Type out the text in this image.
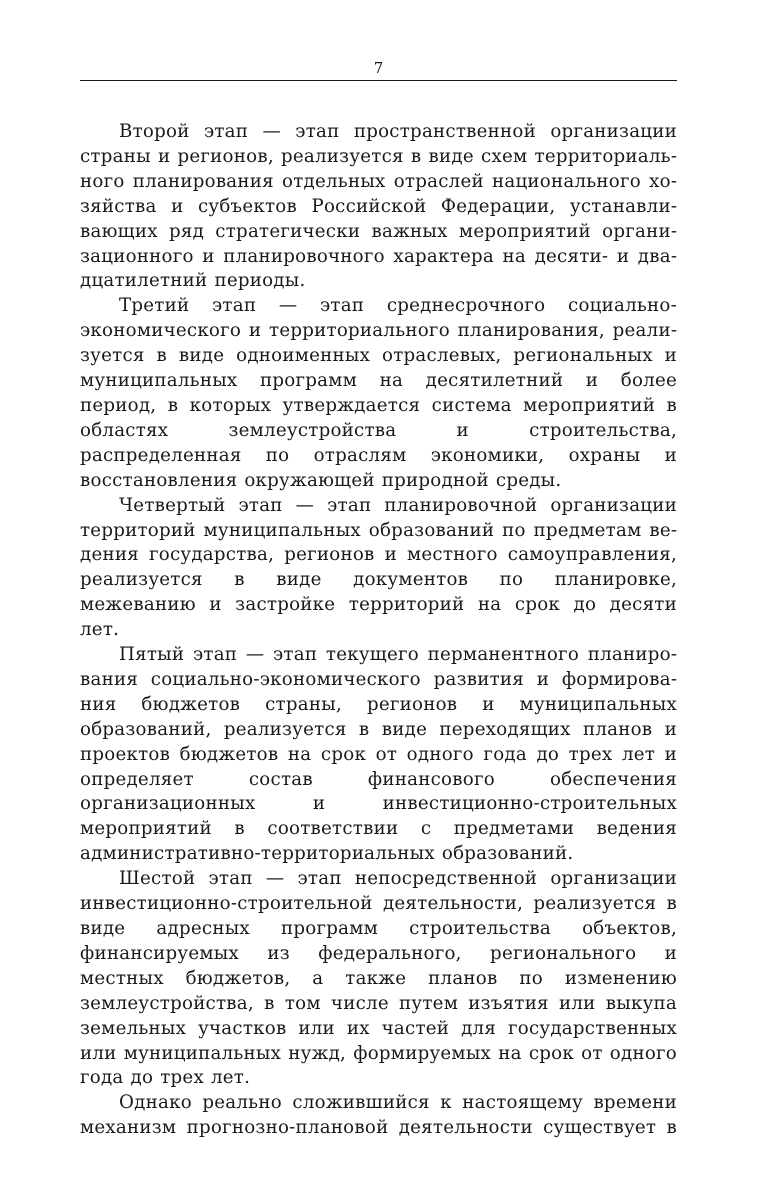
7

Второй этап — этап пространственной организации страны и регионов, реализуется в виде схем территориального планирования отдельных отраслей национального хозяйства и субъектов Российской Федерации, устанавливающих ряд стратегически важных мероприятий организационного и планировочного характера на десяти- и двадцатилетний периоды.

Третий этап — этап среднесрочного социально-экономического и территориального планирования, реализуется в виде одноименных отраслевых, региональных и муниципальных программ на десятилетний и более период, в которых утверждается система мероприятий в областях землеустройства и строительства, распределенная по отраслям экономики, охраны и восстановления окружающей природной среды.

Четвертый этап — этап планировочной организации территорий муниципальных образований по предметам ведения государства, регионов и местного самоуправления, реализуется в виде документов по планировке, межеванию и застройке территорий на срок до десяти лет.

Пятый этап — этап текущего перманентного планирования социально-экономического развития и формирования бюджетов страны, регионов и муниципальных образований, реализуется в виде переходящих планов и проектов бюджетов на срок от одного года до трех лет и определяет состав финансового обеспечения организационных и инвестиционно-строительных мероприятий в соответствии с предметами ведения административно-территориальных образований.

Шестой этап — этап непосредственной организации инвестиционно-строительной деятельности, реализуется в виде адресных программ строительства объектов, финансируемых из федерального, регионального и местных бюджетов, а также планов по изменению землеустройства, в том числе путем изъятия или выкупа земельных участков или их частей для государственных или муниципальных нужд, формируемых на срок от одного года до трех лет.

Однако реально сложившийся к настоящему времени механизм прогнозно-плановой деятельности существует в
